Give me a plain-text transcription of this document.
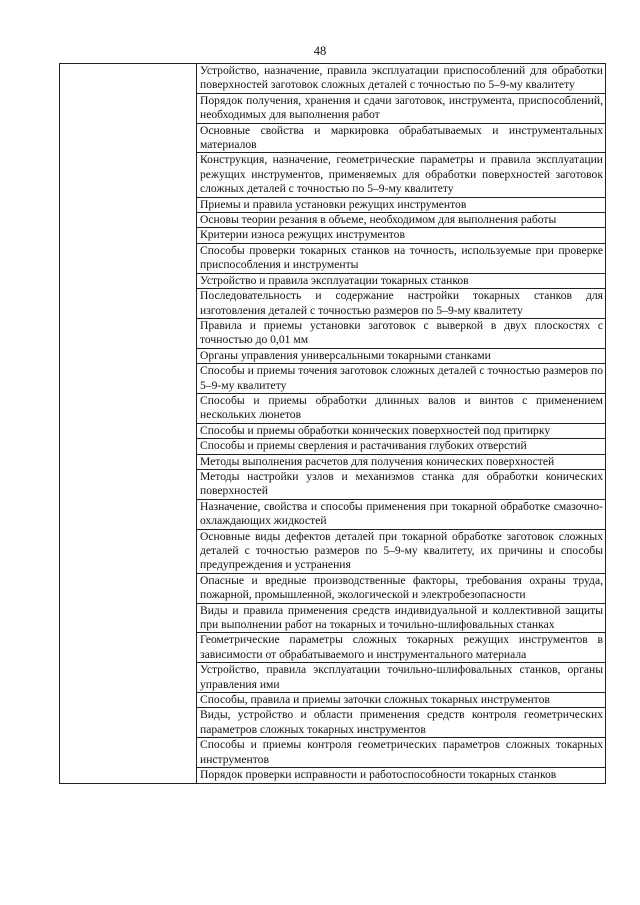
48
	Устройство, назначение, правила эксплуатации приспособлений для обработки поверхностей заготовок сложных деталей с точностью по 5–9-му квалитету
Порядок получения, хранения и сдачи заготовок, инструмента, приспособлений, необходимых для выполнения работ
Основные свойства и маркировка обрабатываемых и инструментальных материалов
Конструкция, назначение, геометрические параметры и правила эксплуатации режущих инструментов, применяемых для обработки поверхностей заготовок сложных деталей с точностью по 5–9-му квалитету
Приемы и правила установки режущих инструментов
Основы теории резания в объеме, необходимом для выполнения работы
Критерии износа режущих инструментов
Способы проверки токарных станков на точность, используемые при проверке приспособления и инструменты
Устройство и правила эксплуатации токарных станков
Последовательность и содержание настройки токарных станков для изготовления деталей с точностью размеров по 5–9-му квалитету
Правила и приемы установки заготовок с выверкой в двух плоскостях с точностью до 0,01 мм
Органы управления универсальными токарными станками
Способы и приемы точения заготовок сложных деталей с точностью размеров по 5–9-му квалитету
Способы и приемы обработки длинных валов и винтов с применением нескольких люнетов
Способы и приемы обработки конических поверхностей под притирку
Способы и приемы сверления и растачивания глубоких отверстий
Методы выполнения расчетов для получения конических поверхностей
Методы настройки узлов и механизмов станка для обработки конических поверхностей
Назначение, свойства и способы применения при токарной обработке смазочно-охлаждающих жидкостей
Основные виды дефектов деталей при токарной обработке заготовок сложных деталей с точностью размеров по 5–9-му квалитету, их причины и способы предупреждения и устранения
Опасные и вредные производственные факторы, требования охраны труда, пожарной, промышленной, экологической и электробезопасности
Виды и правила применения средств индивидуальной и коллективной защиты при выполнении работ на токарных и точильно-шлифовальных станках
Геометрические параметры сложных токарных режущих инструментов в зависимости от обрабатываемого и инструментального материала
Устройство, правила эксплуатации точильно-шлифовальных станков, органы управления ими
Способы, правила и приемы заточки сложных токарных инструментов
Виды, устройство и области применения средств контроля геометрических параметров сложных токарных инструментов
Способы и приемы контроля геометрических параметров сложных токарных инструментов
Порядок проверки исправности и работоспособности токарных станков
